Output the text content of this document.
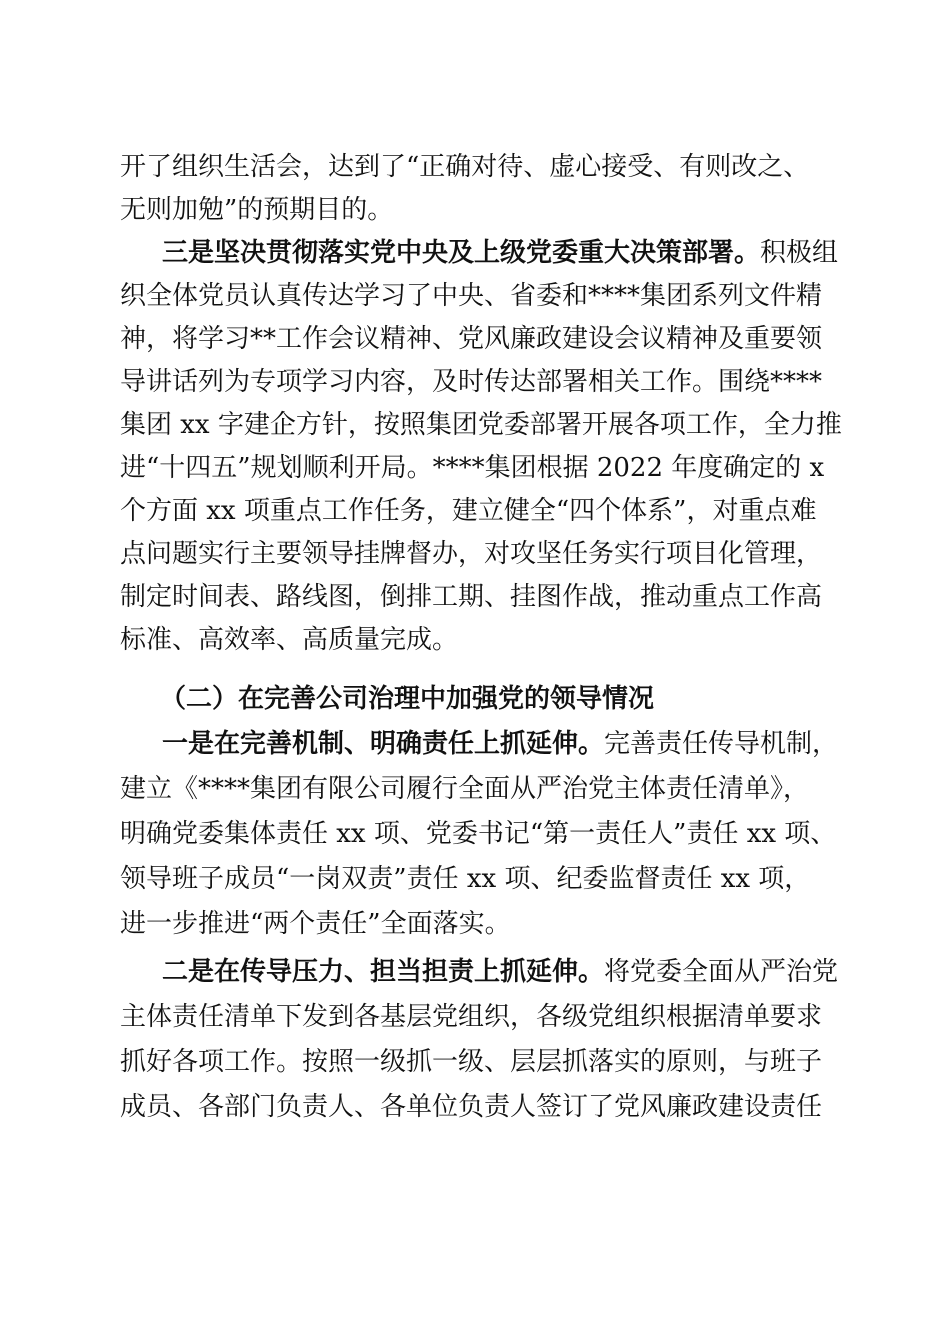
开了组织生活会，达到了“正确对待、虚心接受、有则改之、
无则加勉”的预期目的。
三是坚决贯彻落实党中央及上级党委重大决策部署。积极组
织全体党员认真传达学习了中央、省委和****集团系列文件精
神，将学习**工作会议精神、党风廉政建设会议精神及重要领
导讲话列为专项学习内容，及时传达部署相关工作。围绕****
集团 xx 字建企方针，按照集团党委部署开展各项工作，全力推
进“十四五”规划顺利开局。****集团根据 2022 年度确定的 x
个方面 xx 项重点工作任务，建立健全“四个体系”，对重点难
点问题实行主要领导挂牌督办，对攻坚任务实行项目化管理，
制定时间表、路线图，倒排工期、挂图作战，推动重点工作高
标准、高效率、高质量完成。
（二）在完善公司治理中加强党的领导情况
一是在完善机制、明确责任上抓延伸。完善责任传导机制，
建立《****集团有限公司履行全面从严治党主体责任清单》，
明确党委集体责任 xx 项、党委书记“第一责任人”责任 xx 项、
领导班子成员“一岗双责”责任 xx 项、纪委监督责任 xx 项，
进一步推进“两个责任”全面落实。
二是在传导压力、担当担责上抓延伸。将党委全面从严治党
主体责任清单下发到各基层党组织，各级党组织根据清单要求
抓好各项工作。按照一级抓一级、层层抓落实的原则，与班子
成员、各部门负责人、各单位负责人签订了党风廉政建设责任
